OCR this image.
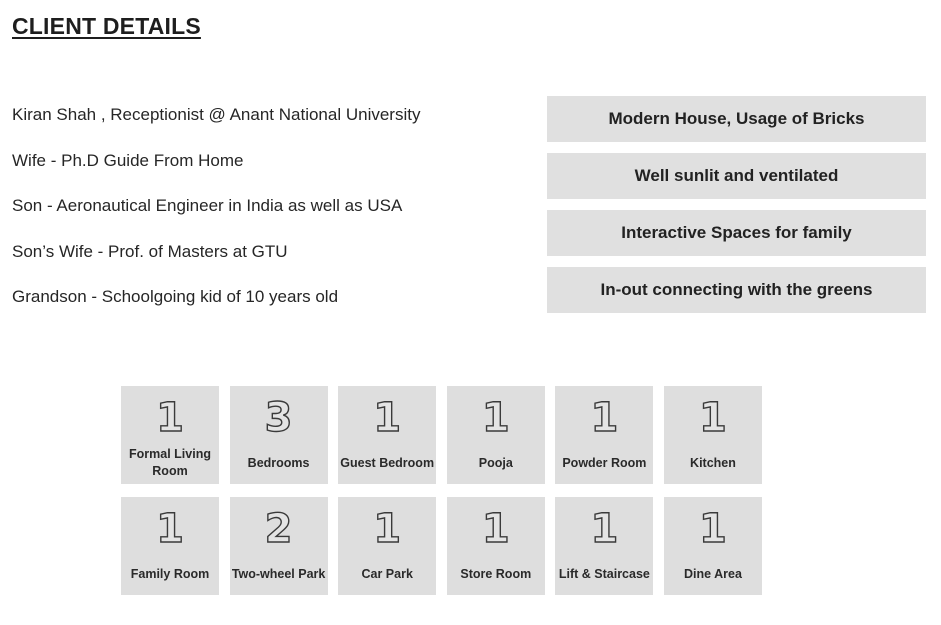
CLIENT DETAILS
Kiran Shah , Receptionist @ Anant National University
Wife - Ph.D Guide From Home
Son - Aeronautical Engineer in India as well as USA
Son’s Wife - Prof. of Masters at GTU
Grandson - Schoolgoing kid of 10 years old
Modern House, Usage of Bricks
Well sunlit and ventilated
Interactive Spaces for family
In-out connecting with the greens
1
Formal Living Room
3
Bedrooms
1
Guest Bedroom
1
Pooja
1
Powder Room
1
Kitchen
1
Family Room
2
Two-wheel Park
1
Car Park
1
Store Room
1
Lift & Staircase
1
Dine Area
